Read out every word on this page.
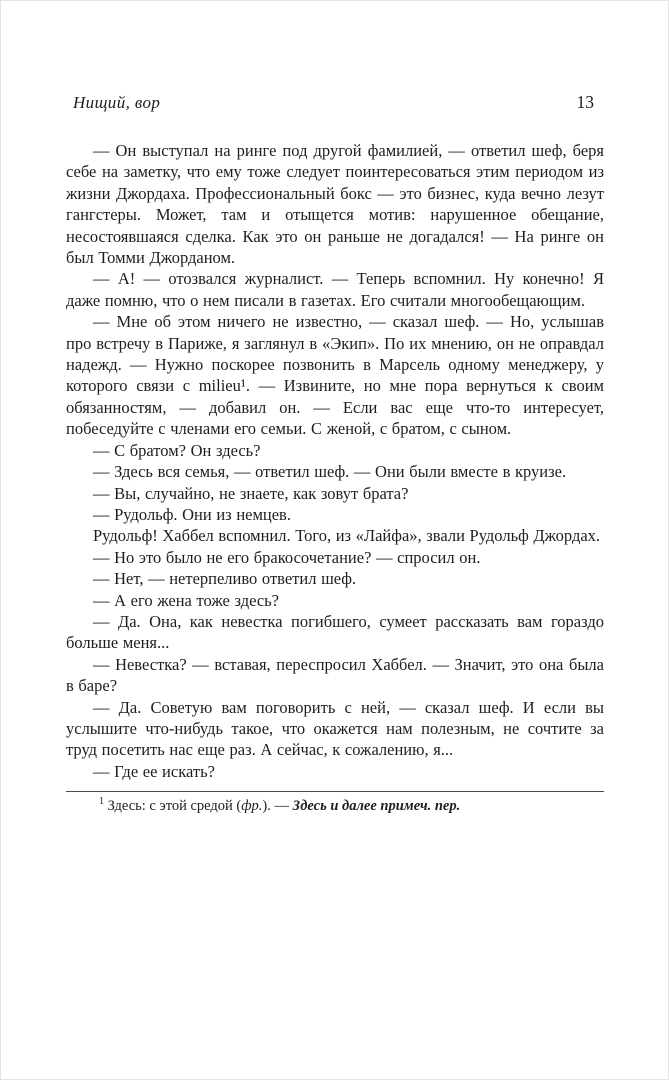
Нищий, вор	13

— Он выступал на ринге под другой фамилией, — ответил шеф, беря себе на заметку, что ему тоже следует поинтересоваться этим периодом из жизни Джордаха. Профессиональный бокс — это бизнес, куда вечно лезут гангстеры. Может, там и отыщется мотив: нарушенное обещание, несостоявшаяся сделка. Как это он раньше не догадался! — На ринге он был Томми Джорданом.

— А! — отозвался журналист. — Теперь вспомнил. Ну конечно! Я даже помню, что о нем писали в газетах. Его считали многообещающим.

— Мне об этом ничего не известно, — сказал шеф. — Но, услышав про встречу в Париже, я заглянул в «Экип». По их мнению, он не оправдал надежд. — Нужно поскорее позвонить в Марсель одному менеджеру, у которого связи с milieu¹. — Извините, но мне пора вернуться к своим обязанностям, — добавил он. — Если вас еще что-то интересует, побеседуйте с членами его семьи. С женой, с братом, с сыном.

— С братом? Он здесь?

— Здесь вся семья, — ответил шеф. — Они были вместе в круизе.

— Вы, случайно, не знаете, как зовут брата?

— Рудольф. Они из немцев.

Рудольф! Хаббел вспомнил. Того, из «Лайфа», звали Рудольф Джордах.

— Но это было не его бракосочетание? — спросил он.

— Нет, — нетерпеливо ответил шеф.

— А его жена тоже здесь?

— Да. Она, как невестка погибшего, сумеет рассказать вам гораздо больше меня...

— Невестка? — вставая, переспросил Хаббел. — Значит, это она была в баре?

— Да. Советую вам поговорить с ней, — сказал шеф. И если вы услышите что-нибудь такое, что окажется нам полезным, не сочтите за труд посетить нас еще раз. А сейчас, к сожалению, я...

— Где ее искать?

$^1$ Здесь: с этой средой (фр.). — Здесь и далее примеч. пер.
